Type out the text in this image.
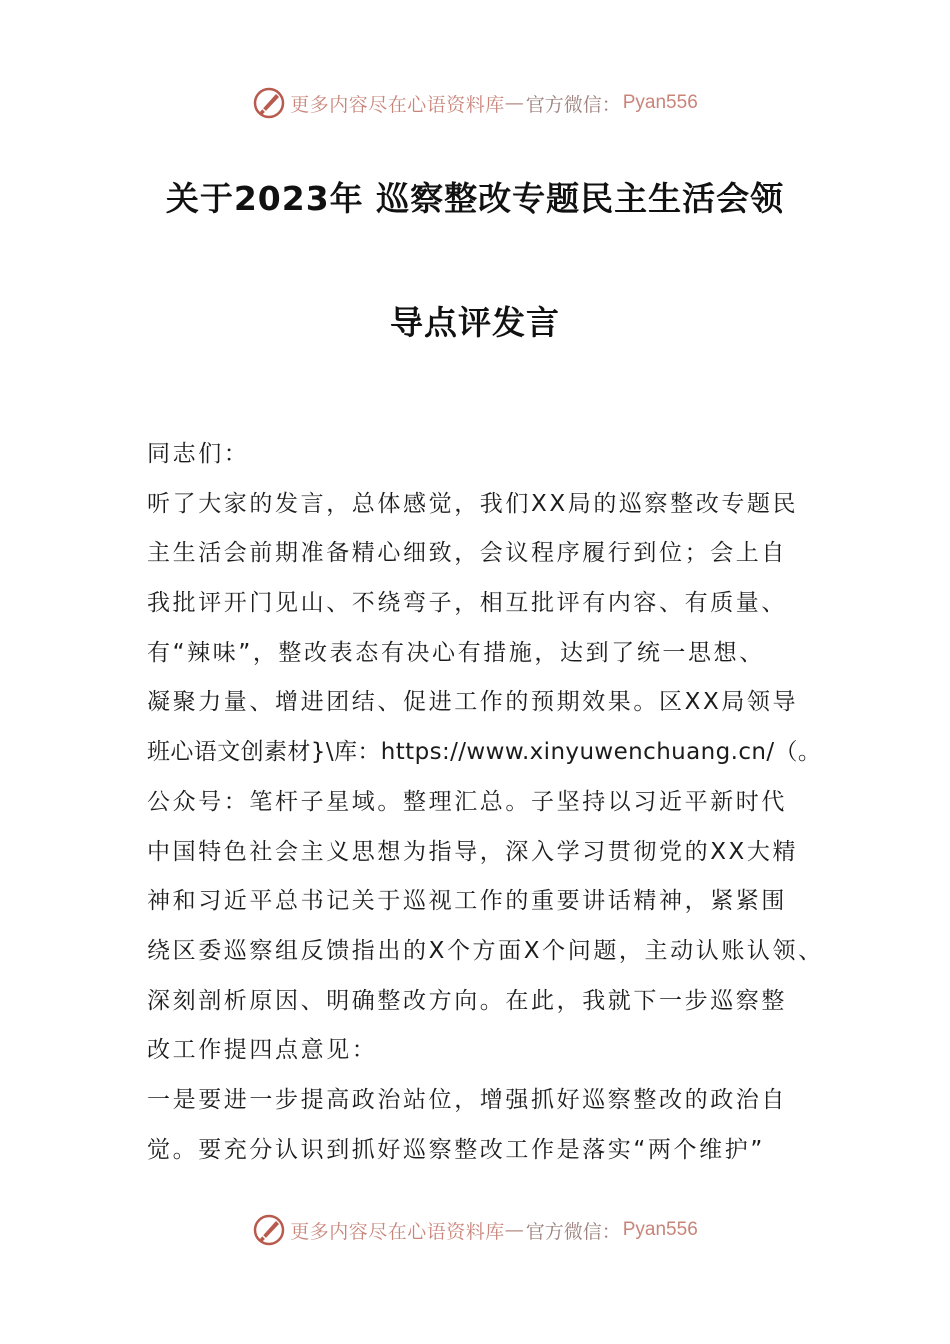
更多内容尽在心语资料库 — 官方微信： Pyan556
关于2023年 巡察整改专题民主生活会领
导点评发言
同志们：
听了大家的发言，总体感觉，我们XX局的巡察整改专题民
主生活会前期准备精心细致，会议程序履行到位；会上自
我批评开门见山、不绕弯子，相互批评有内容、有质量、
有“辣味”，整改表态有决心有措施，达到了统一思想、
凝聚力量、增进团结、促进工作的预期效果。区XX局领导
班心语文创素材}\库：https://www.xinyuwenchuang.cn/（。
公众号：笔杆子星域。整理汇总。子坚持以习近平新时代
中国特色社会主义思想为指导，深入学习贯彻党的XX大精
神和习近平总书记关于巡视工作的重要讲话精神，紧紧围
绕区委巡察组反馈指出的X个方面X个问题，主动认账认领、
深刻剖析原因、明确整改方向。在此，我就下一步巡察整
改工作提四点意见：
一是要进一步提高政治站位，增强抓好巡察整改的政治自
觉。要充分认识到抓好巡察整改工作是落实“两个维护”
更多内容尽在心语资料库 — 官方微信： Pyan556
